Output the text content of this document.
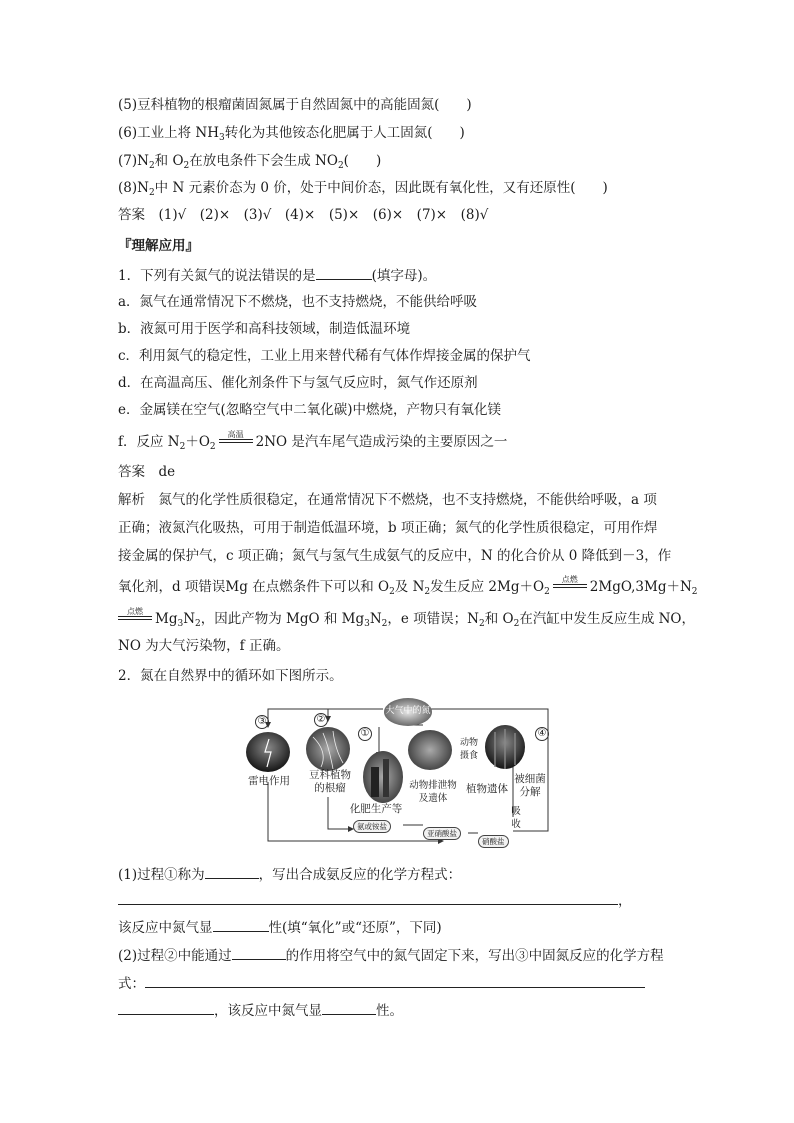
(5)豆科植物的根瘤菌固氮属于自然固氮中的高能固氮(　　)
(6)工业上将 $NH_3$转化为其他铵态化肥属于人工固氮(　　)
$(7)N_2$和 $O_2$在放电条件下会生成 $NO_2$(　　)
$(8)N_2$中 N 元素价态为 0 价，处于中间价态，因此既有氧化性，又有还原性(　　)
答案　 (1)√　(2)×　(3)√　(4)×　(5)×　(6)×　(7)×　(8)√
『理解应用』
1．下列有关氮气的说法错误的是	(填字母)。
a．氮气在通常情况下不燃烧，也不支持燃烧，不能供给呼吸
b．液氮可用于医学和高科技领域，制造低温环境
c．利用氮气的稳定性，工业上用来替代稀有气体作焊接金属的保护气
d．在高温高压、催化剂条件下与氢气反应时，氮气作还原剂
e．金属镁在空气(忽略空气中二氧化碳)中燃烧，产物只有氧化镁
f．反应 $N_2+O_2$
高温 2NO 是汽车尾气造成污染的主要原因之一
答案　 de
解析　 氮气的化学性质很稳定，在通常情况下不燃烧，也不支持燃烧，不能供给呼吸，a 项
正确；液氮汽化吸热，可用于制造低温环境，b 项正确；氮气的化学性质很稳定，可用作焊
接金属的保护气，c 项正确；氮气与氢气生成氨气的反应中，N 的化合价从 0 降低到－3，作
氧化剂，d 项错误Mg 在点燃条件下可以和 $O_2$及 $N_2$发生反应 $2Mg+O_2$
点燃 $2MgO,3Mg+N_2$
点燃 $Mg_3N_2$，因此产物为 MgO 和 $Mg_3N_2$，e 项错误；$N_2$和 $O_2$在汽缸中发生反应生成 NO，
NO 为大气污染物，f 正确。
2．氮在自然界中的循环如下图所示。
③	②
①	④
大气中的氮
雷电作用	豆科植物
的根瘤
化肥生产等
动物排泄物
及遗体
动物
摄食
植物遗体
被细菌
分解
吸
收
氨或铵盐
亚硝酸盐
硝酸盐
(1)过程①称为	，写出合成氨反应的化学方程式：
，
该反应中氮气显	性(填“氧化”或“还原”，下同)
(2)过程②中能通过	的作用将空气中的氮气固定下来，写出③中固氮反应的化学方程
式：
，该反应中氮气显	性。
